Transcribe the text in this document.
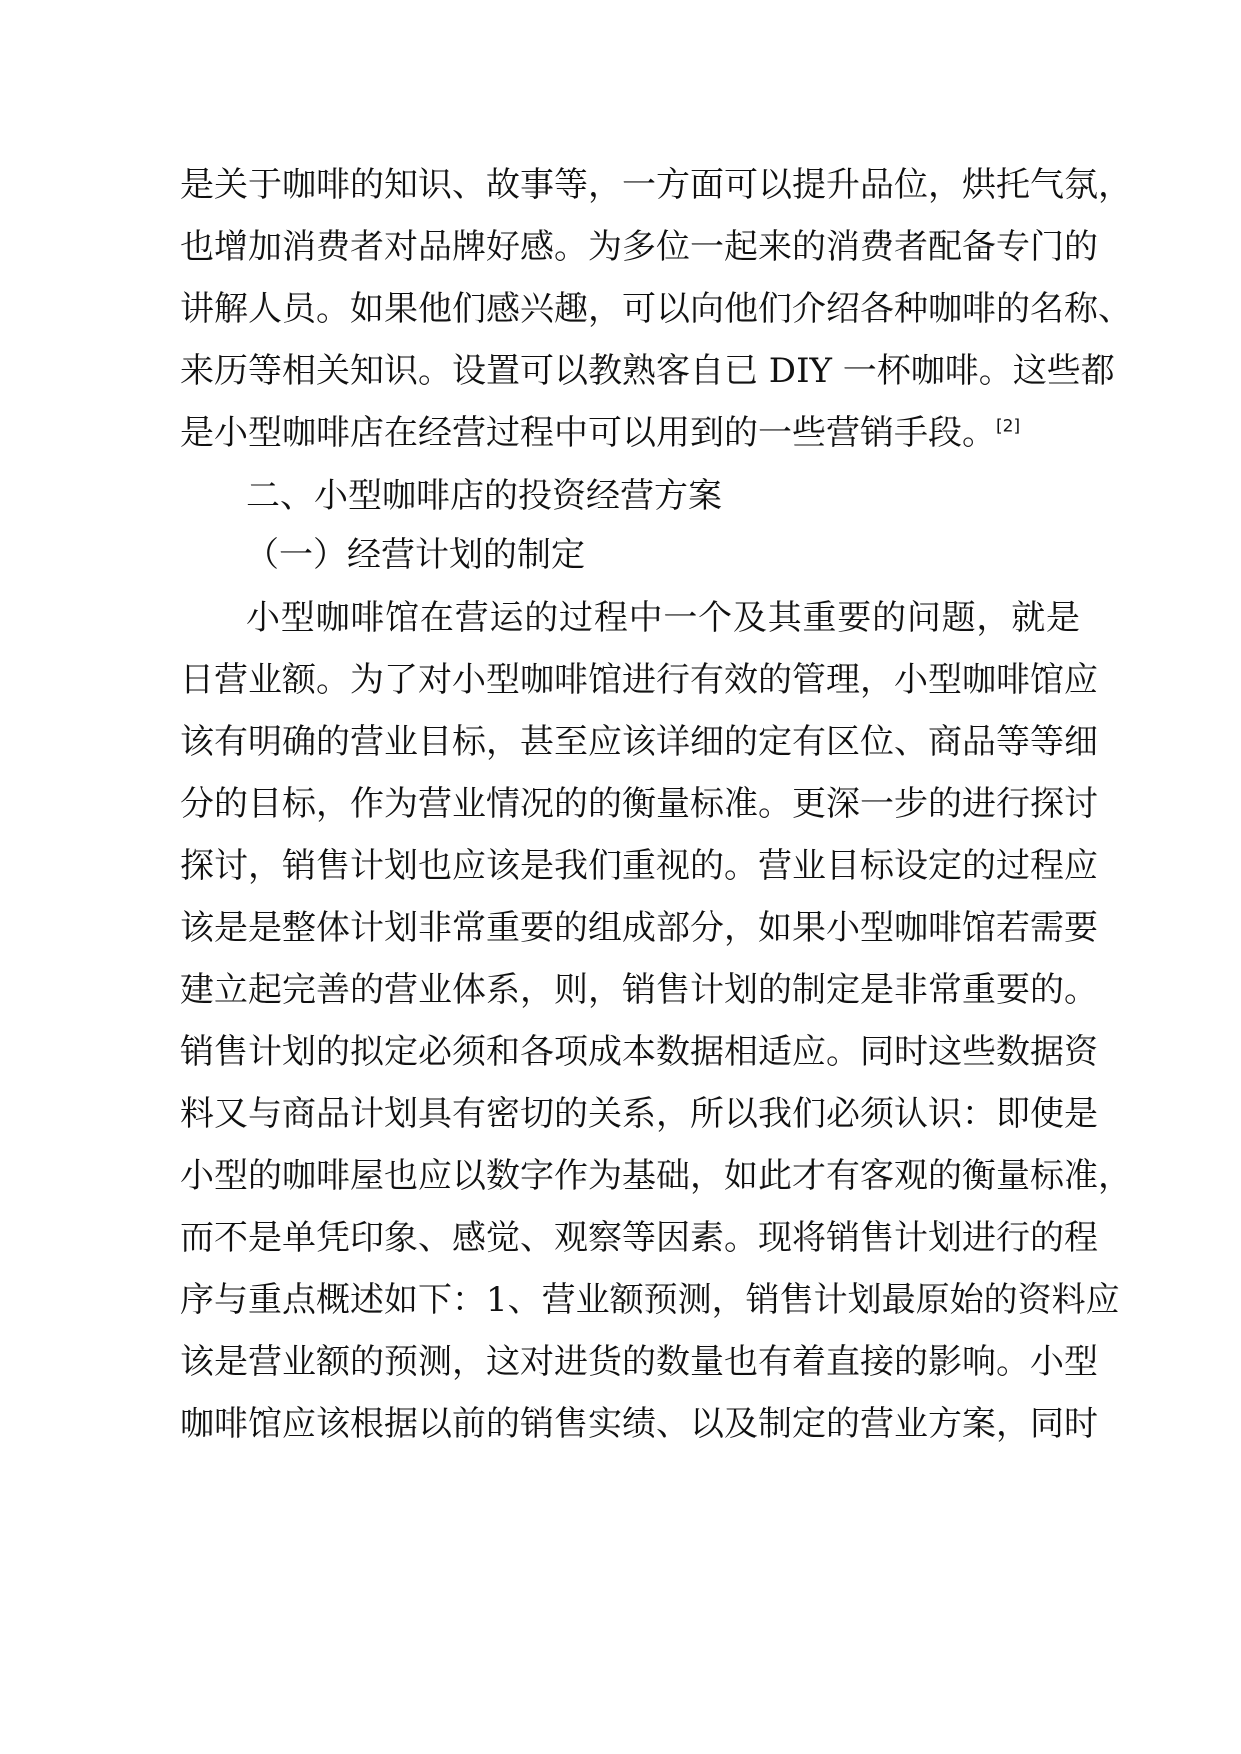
是关于咖啡的知识、故事等，一方面可以提升品位，烘托气氛，
也增加消费者对品牌好感。为多位一起来的消费者配备专门的
讲解人员。如果他们感兴趣，可以向他们介绍各种咖啡的名称、
来历等相关知识。设置可以教熟客自已 DIY 一杯咖啡。这些都
是小型咖啡店在经营过程中可以用到的一些营销手段。[2]
二、小型咖啡店的投资经营方案
（一）经营计划的制定
小型咖啡馆在营运的过程中一个及其重要的问题，就是
日营业额。为了对小型咖啡馆进行有效的管理，小型咖啡馆应
该有明确的营业目标，甚至应该详细的定有区位、商品等等细
分的目标，作为营业情况的的衡量标准。更深一步的进行探讨
探讨，销售计划也应该是我们重视的。营业目标设定的过程应
该是是整体计划非常重要的组成部分，如果小型咖啡馆若需要
建立起完善的营业体系，则，销售计划的制定是非常重要的。
销售计划的拟定必须和各项成本数据相适应。同时这些数据资
料又与商品计划具有密切的关系，所以我们必须认识：即使是
小型的咖啡屋也应以数字作为基础，如此才有客观的衡量标准，
而不是单凭印象、感觉、观察等因素。现将销售计划进行的程
序与重点概述如下：1、营业额预测，销售计划最原始的资料应
该是营业额的预测，这对进货的数量也有着直接的影响。小型
咖啡馆应该根据以前的销售实绩、以及制定的营业方案，同时
